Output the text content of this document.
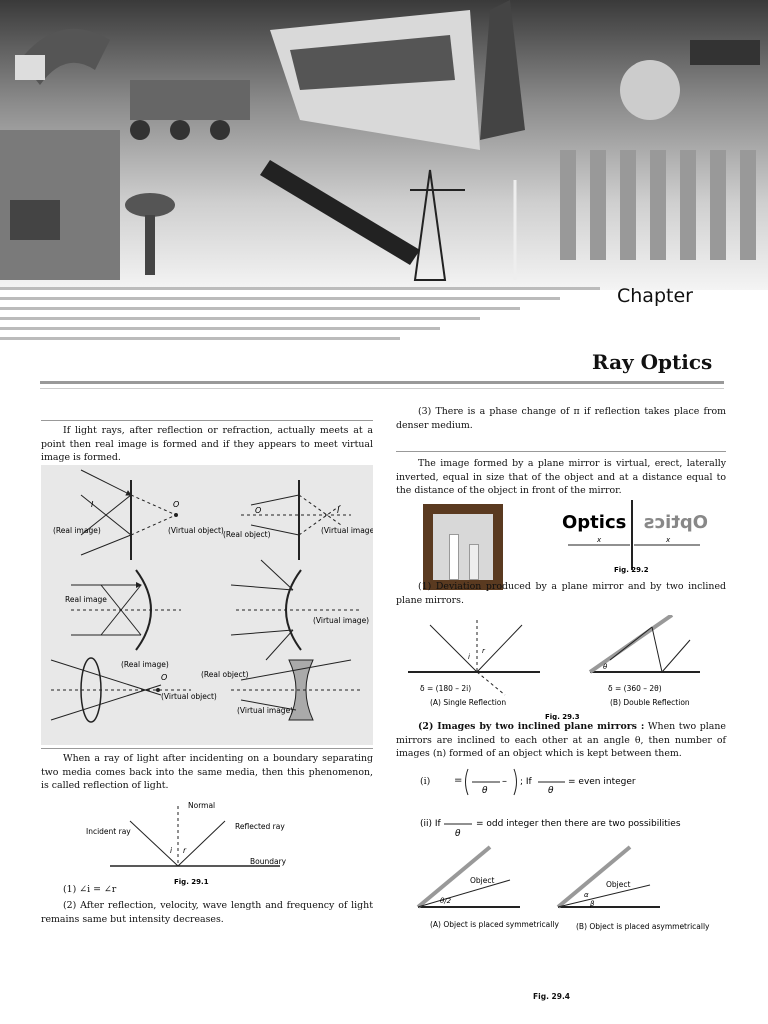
Chapter
Ray Optics
If light rays, after reflection or refraction, actually meets at a point then real image is formed and if they appears to meet virtual image is formed.
O
I
(Real image)	(Virtual object)
O	I
(Real object)	(Virtual image)
Real image
(Virtual image)
(Real image)
O
(Virtual object)
(Real object)
(Virtual image)
When a ray of light after incidenting on a boundary separating two media comes back into the same media, then this phenomenon, is called reflection of light.
Normal
Incident ray
Reflected ray
Boundary
i r
Fig. 29.1
(1) ∠i = ∠r
(2) After reflection, velocity, wave length and frequency of light remains same but intensity decreases.
(3) There is a phase change of π if reflection takes place from denser medium.
The image formed by a plane mirror is virtual, erect, laterally inverted, equal in size that of the object and at a distance equal to the distance of the object in front of the mirror.
Optics Optics
x	x
Fig. 29.2
(1) Deviation produced by a plane mirror and by two inclined plane mirrors.
i
r
δ = (180 – 2i)
(A) Single Reflection
θ
δ = (360 – 2θ)
(B) Double Reflection
Fig. 29.3
(2) Images by two inclined plane mirrors : When two plane mirrors are inclined to each other at an angle θ, then number of images (n) formed of an object which is kept between them.
(i) =
θ
– ; If
θ
= even integer
(ii) If
θ
= odd integer then there are two possibilities
Object
θ/2
(A) Object is placed symmetrically
Object
α
β
(B) Object is placed asymmetrically
Fig. 29.4
